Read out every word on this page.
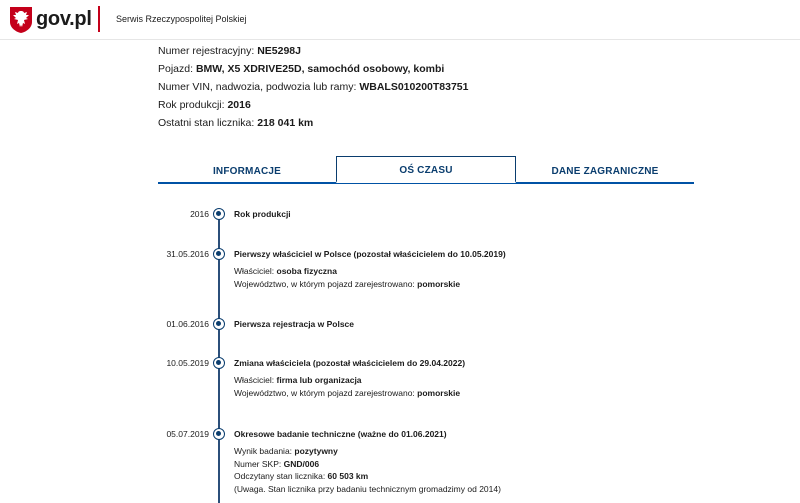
gov.pl	Serwis Rzeczypospolitej Polskiej
Numer rejestracyjny: NE5298J
Pojazd: BMW, X5 XDRIVE25D, samochód osobowy, kombi
Numer VIN, nadwozia, podwozia lub ramy: WBALS010200T83751
Rok produkcji: 2016
Ostatni stan licznika: 218 041 km
INFORMACJE	OŚ CZASU	DANE ZAGRANICZNE
2016	Rok produkcji
31.05.2016	Pierwszy właściciel w Polsce (pozostał właścicielem do 10.05.2019)
Właściciel: osoba fizyczna
Województwo, w którym pojazd zarejestrowano: pomorskie
01.06.2016	Pierwsza rejestracja w Polsce
10.05.2019	Zmiana właściciela (pozostał właścicielem do 29.04.2022)
Właściciel: firma lub organizacja
Województwo, w którym pojazd zarejestrowano: pomorskie
05.07.2019	Okresowe badanie techniczne (ważne do 01.06.2021)
Wynik badania: pozytywny
Numer SKP: GND/006
Odczytany stan licznika: 60 503 km
(Uwaga. Stan licznika przy badaniu technicznym gromadzimy od 2014)
